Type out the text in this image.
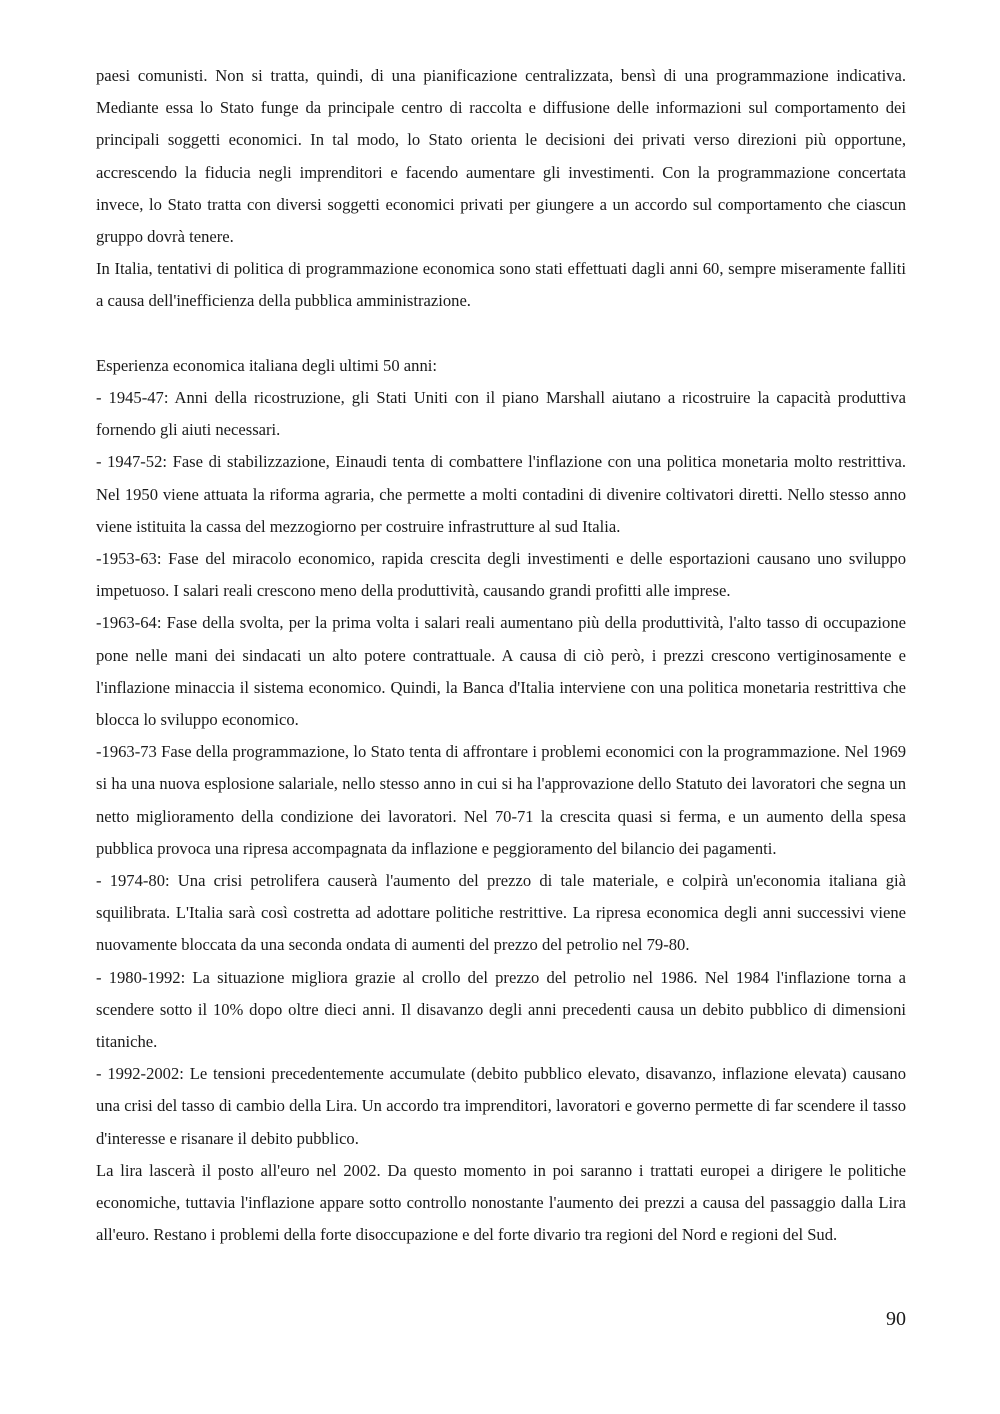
paesi comunisti. Non si tratta, quindi, di una pianificazione centralizzata, bensì di una programmazione indicativa. Mediante essa lo Stato funge da principale centro di raccolta e diffusione delle informazioni sul comportamento dei principali soggetti economici. In tal modo, lo Stato orienta le decisioni dei privati verso direzioni più opportune, accrescendo la fiducia negli imprenditori e facendo aumentare gli investimenti. Con la programmazione concertata invece, lo Stato tratta con diversi soggetti economici privati per giungere a un accordo sul comportamento che ciascun gruppo dovrà tenere.

In Italia, tentativi di politica di programmazione economica sono stati effettuati dagli anni 60, sempre miseramente falliti a causa dell'inefficienza della pubblica amministrazione.

Esperienza economica italiana degli ultimi 50 anni:

- 1945-47: Anni della ricostruzione, gli Stati Uniti con il piano Marshall aiutano a ricostruire la capacità produttiva fornendo gli aiuti necessari.

- 1947-52: Fase di stabilizzazione, Einaudi tenta di combattere l'inflazione con una politica monetaria molto restrittiva. Nel 1950 viene attuata la riforma agraria, che permette a molti contadini di divenire coltivatori diretti. Nello stesso anno viene istituita la cassa del mezzogiorno per costruire infrastrutture al sud Italia.

-1953-63: Fase del miracolo economico, rapida crescita degli investimenti e delle esportazioni causano uno sviluppo impetuoso. I salari reali crescono meno della produttività, causando grandi profitti alle imprese.

-1963-64: Fase della svolta, per la prima volta i salari reali aumentano più della produttività, l'alto tasso di occupazione pone nelle mani dei sindacati un alto potere contrattuale. A causa di ciò però, i prezzi crescono vertiginosamente e l'inflazione minaccia il sistema economico. Quindi, la Banca d'Italia interviene con una politica monetaria restrittiva che blocca lo sviluppo economico.

-1963-73 Fase della programmazione, lo Stato tenta di affrontare i problemi economici con la programmazione. Nel 1969 si ha una nuova esplosione salariale, nello stesso anno in cui si ha l'approvazione dello Statuto dei lavoratori che segna un netto miglioramento della condizione dei lavoratori. Nel 70-71 la crescita quasi si ferma, e un aumento della spesa pubblica provoca una ripresa accompagnata da inflazione e peggioramento del bilancio dei pagamenti.

- 1974-80: Una crisi petrolifera causerà l'aumento del prezzo di tale materiale, e colpirà un'economia italiana già squilibrata. L'Italia sarà così costretta ad adottare politiche restrittive. La ripresa economica degli anni successivi viene nuovamente bloccata da una seconda ondata di aumenti del prezzo del petrolio nel 79-80.

- 1980-1992: La situazione migliora grazie al crollo del prezzo del petrolio nel 1986. Nel 1984 l'inflazione torna a scendere sotto il 10% dopo oltre dieci anni. Il disavanzo degli anni precedenti causa un debito pubblico di dimensioni titaniche.

- 1992-2002: Le tensioni precedentemente accumulate (debito pubblico elevato, disavanzo, inflazione elevata) causano una crisi del tasso di cambio della Lira. Un accordo tra imprenditori, lavoratori e governo permette di far scendere il tasso d'interesse e risanare il debito pubblico.

La lira lascerà il posto all'euro nel 2002. Da questo momento in poi saranno i trattati europei a dirigere le politiche economiche, tuttavia l'inflazione appare sotto controllo nonostante l'aumento dei prezzi a causa del passaggio dalla Lira all'euro. Restano i problemi della forte disoccupazione e del forte divario tra regioni del Nord e regioni del Sud.

90
